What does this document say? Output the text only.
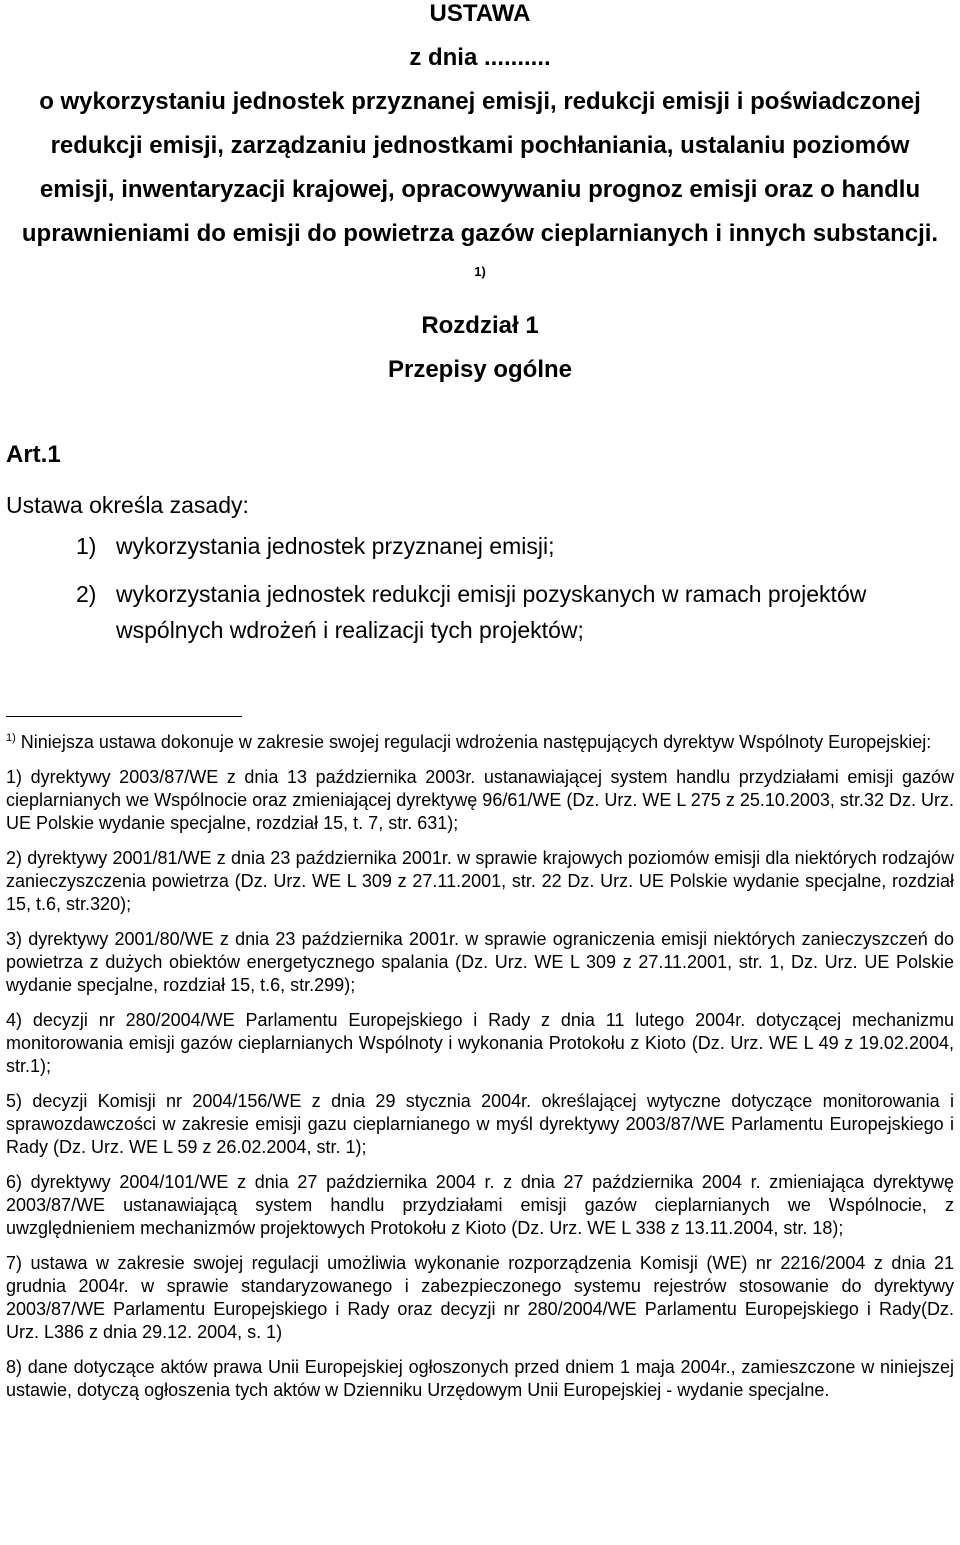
USTAWA
z dnia ..........
o wykorzystaniu jednostek przyznanej emisji, redukcji emisji i poświadczonej redukcji emisji, zarządzaniu jednostkami pochłaniania, ustalaniu poziomów emisji, inwentaryzacji krajowej, opracowywaniu prognoz emisji oraz o handlu uprawnieniami do emisji do powietrza gazów cieplarnianych i innych substancji. $^{1)}$
Rozdział 1
Przepisy ogólne
Art.1
Ustawa określa zasady:
1) wykorzystania jednostek przyznanej emisji;
2) wykorzystania jednostek redukcji emisji pozyskanych w ramach projektów wspólnych wdrożeń i realizacji tych projektów;

$^{1)}$ Niniejsza ustawa dokonuje w zakresie swojej regulacji wdrożenia następujących dyrektyw Wspólnoty Europejskiej:

1) dyrektywy 2003/87/WE z dnia 13 października 2003r. ustanawiającej system handlu przydziałami emisji gazów cieplarnianych we Wspólnocie oraz zmieniającej dyrektywę 96/61/WE (Dz. Urz. WE L 275 z 25.10.2003, str.32 Dz. Urz. UE Polskie wydanie specjalne, rozdział 15, t. 7, str. 631);

2) dyrektywy 2001/81/WE z dnia 23 października 2001r. w sprawie krajowych poziomów emisji dla niektórych rodzajów zanieczyszczenia powietrza (Dz. Urz. WE L 309 z 27.11.2001, str. 22 Dz. Urz. UE Polskie wydanie specjalne, rozdział 15, t.6, str.320);

3) dyrektywy 2001/80/WE z dnia 23 października 2001r. w sprawie ograniczenia emisji niektórych zanieczyszczeń do powietrza z dużych obiektów energetycznego spalania (Dz. Urz. WE L 309 z 27.11.2001, str. 1, Dz. Urz. UE Polskie wydanie specjalne, rozdział 15, t.6, str.299);

4) decyzji nr 280/2004/WE Parlamentu Europejskiego i Rady z dnia 11 lutego 2004r. dotyczącej mechanizmu monitorowania emisji gazów cieplarnianych Wspólnoty i wykonania Protokołu z Kioto (Dz. Urz. WE L 49 z 19.02.2004, str.1);

5) decyzji Komisji nr 2004/156/WE z dnia 29 stycznia 2004r. określającej wytyczne dotyczące monitorowania i sprawozdawczości w zakresie emisji gazu cieplarnianego w myśl dyrektywy 2003/87/WE Parlamentu Europejskiego i Rady (Dz. Urz. WE L 59 z 26.02.2004, str. 1);

6) dyrektywy 2004/101/WE z dnia 27 października 2004 r. z dnia 27 października 2004 r. zmieniająca dyrektywę 2003/87/WE ustanawiającą system handlu przydziałami emisji gazów cieplarnianych we Wspólnocie, z uwzględnieniem mechanizmów projektowych Protokołu z Kioto (Dz. Urz. WE L 338 z 13.11.2004, str. 18);

7) ustawa w zakresie swojej regulacji umożliwia wykonanie rozporządzenia Komisji (WE) nr 2216/2004 z dnia 21 grudnia 2004r. w sprawie standaryzowanego i zabezpieczonego systemu rejestrów stosowanie do dyrektywy 2003/87/WE Parlamentu Europejskiego i Rady oraz decyzji nr 280/2004/WE Parlamentu Europejskiego i Rady(Dz. Urz. L386 z dnia 29.12. 2004, s. 1)

8) dane dotyczące aktów prawa Unii Europejskiej ogłoszonych przed dniem 1 maja 2004r., zamieszczone w niniejszej ustawie, dotyczą ogłoszenia tych aktów w Dzienniku Urzędowym Unii Europejskiej - wydanie specjalne.
